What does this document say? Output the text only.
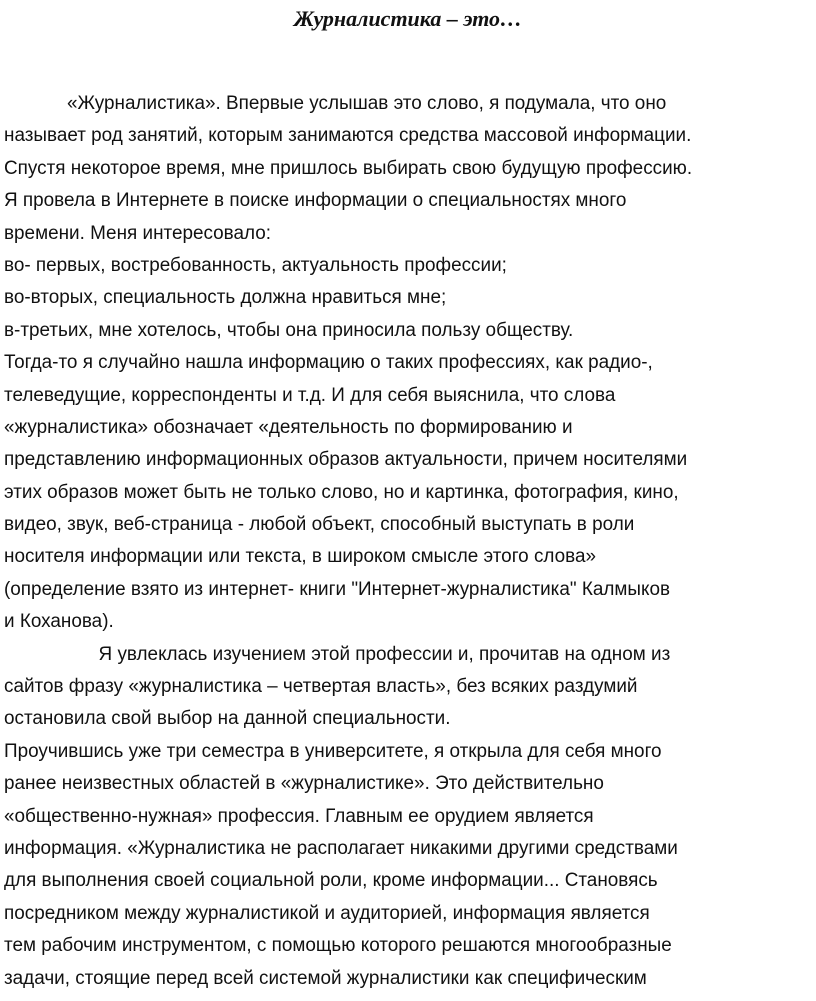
Журналистика – это…
«Журналистика». Впервые услышав это слово, я подумала, что оно
называет род занятий, которым занимаются средства массовой информации.
Спустя некоторое время, мне пришлось выбирать свою будущую профессию.
Я провела в Интернете в поиске информации о специальностях много
времени. Меня интересовало:
во- первых, востребованность, актуальность профессии;
во-вторых, специальность должна нравиться мне;
в-третьих, мне хотелось, чтобы она приносила пользу обществу.
Тогда-то я случайно нашла информацию о таких профессиях, как радио-,
телеведущие, корреспонденты и т.д. И для себя выяснила, что слова
«журналистика» обозначает «деятельность по формированию и
представлению информационных образов актуальности, причем носителями
этих образов может быть не только слово, но и картинка, фотография, кино,
видео, звук, веб-страница - любой объект, способный выступать в роли
носителя информации или текста, в широком смысле этого слова»
(определение взято из интернет- книги "Интернет-журналистика" Калмыков
и Коханова).
Я увлеклась изучением этой профессии и, прочитав на одном из
сайтов фразу «журналистика – четвертая власть», без всяких раздумий
остановила свой выбор на данной специальности.
Проучившись уже три семестра в университете, я открыла для себя много
ранее неизвестных областей в «журналистике». Это действительно
«общественно-нужная» профессия. Главным ее орудием является
информация. «Журналистика не располагает никакими другими средствами
для выполнения своей социальной роли, кроме информации... Становясь
посредником между журналистикой и аудиторией, информация является
тем рабочим инструментом, с помощью которого решаются многообразные
задачи, стоящие перед всей системой журналистики как специфическим
